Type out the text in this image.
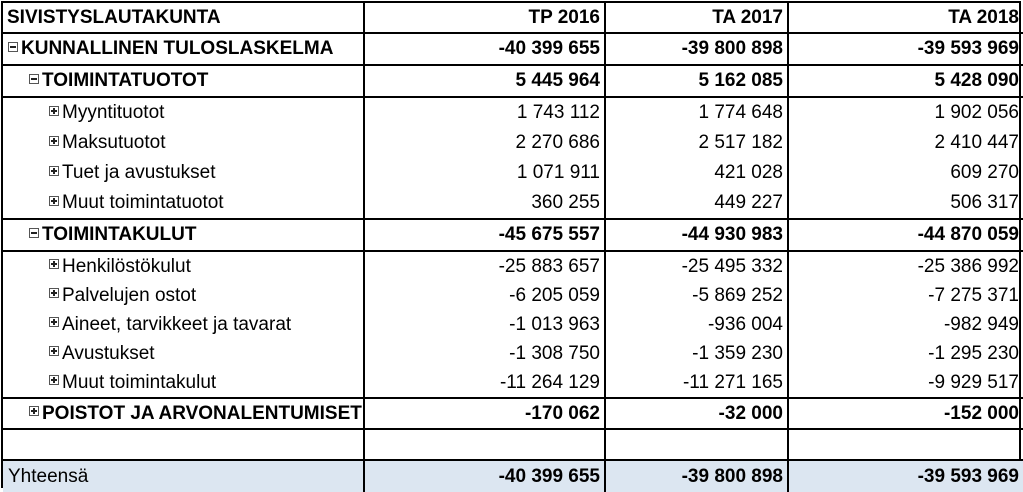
SIVISTYSLAUTAKUNTA	TP 2016	TA 2017	TA 2018
KUNNALLINEN TULOSLASKELMA	-40 399 655	-39 800 898	-39 593 969
TOIMINTATUOTOT	5 445 964	5 162 085	5 428 090
Myyntituotot	1 743 112	1 774 648	1 902 056
Maksutuotot	2 270 686	2 517 182	2 410 447
Tuet ja avustukset	1 071 911	421 028	609 270
Muut toimintatuotot	360 255	449 227	506 317
TOIMINTAKULUT	-45 675 557	-44 930 983	-44 870 059
Henkilöstökulut	-25 883 657	-25 495 332	-25 386 992
Palvelujen ostot	-6 205 059	-5 869 252	-7 275 371
Aineet, tarvikkeet ja tavarat	-1 013 963	-936 004	-982 949
Avustukset	-1 308 750	-1 359 230	-1 295 230
Muut toimintakulut	-11 264 129	-11 271 165	-9 929 517
POISTOT JA ARVONALENTUMISET	-170 062	-32 000	-152 000

Yhteensä	-40 399 655	-39 800 898	-39 593 969
